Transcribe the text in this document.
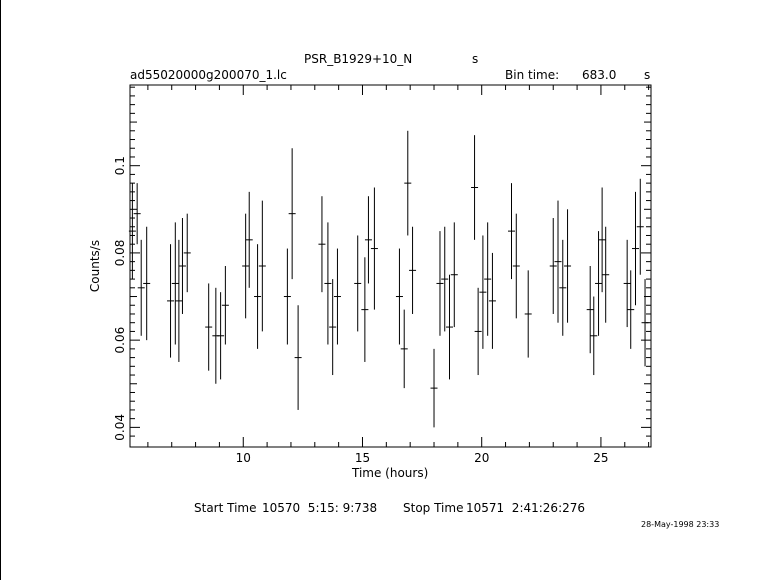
PSR_B1929+10_N	s
ad55020000g200070_1.lc	Bin time: 683.0 s
10	15	20	25
0.04
0.06
0.08
0.1
Time (hours)
Counts/s
Start Time 10570  5:15: 9:738 Stop Time 10571  2:41:26:276
28-May-1998 23:33
